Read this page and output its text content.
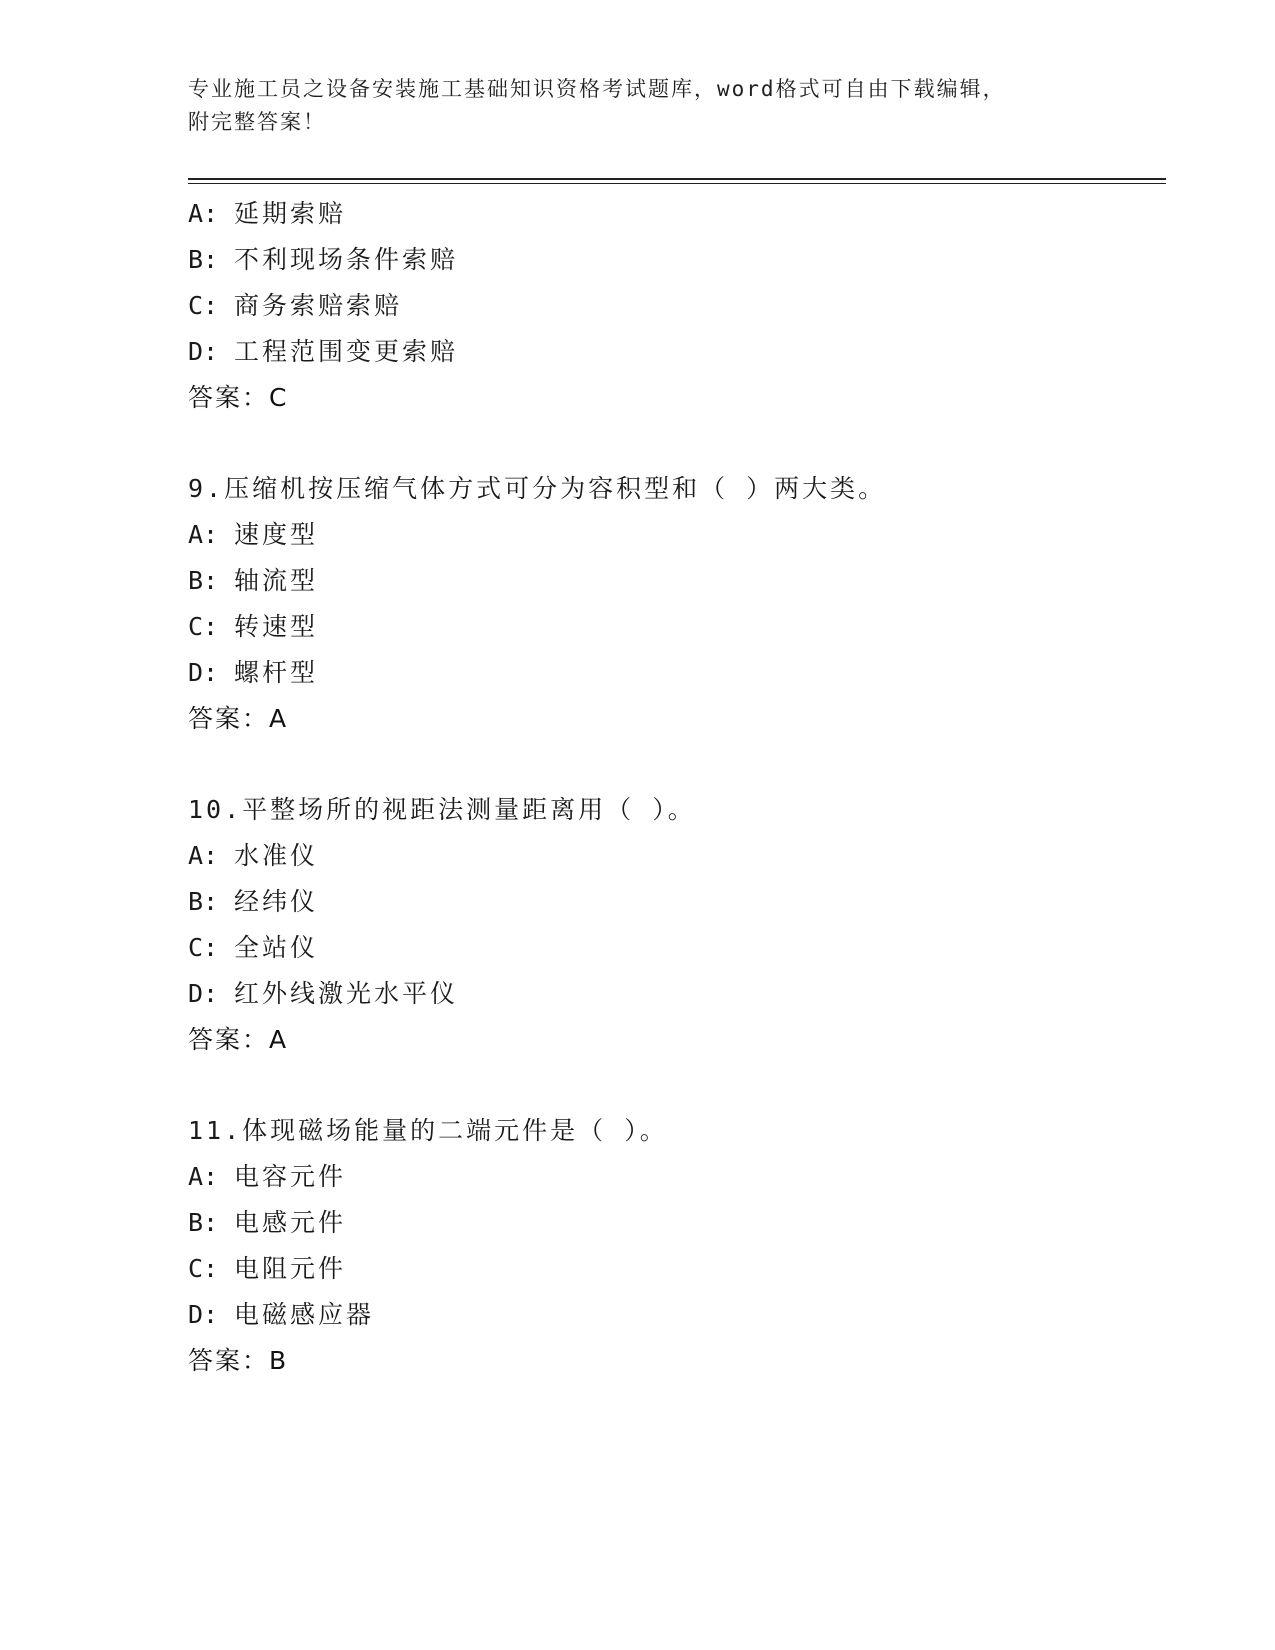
专业施工员之设备安装施工基础知识资格考试题库，word格式可自由下载编辑，
附完整答案！
A: 延期索赔
B: 不利现场条件索赔
C: 商务索赔索赔
D: 工程范围变更索赔
答案：C
9.压缩机按压缩气体方式可分为容积型和（ ）两大类。
A: 速度型
B: 轴流型
C: 转速型
D: 螺杆型
答案：A
10.平整场所的视距法测量距离用（ ）。
A: 水准仪
B: 经纬仪
C: 全站仪
D: 红外线激光水平仪
答案：A
11.体现磁场能量的二端元件是（ ）。
A: 电容元件
B: 电感元件
C: 电阻元件
D: 电磁感应器
答案：B
